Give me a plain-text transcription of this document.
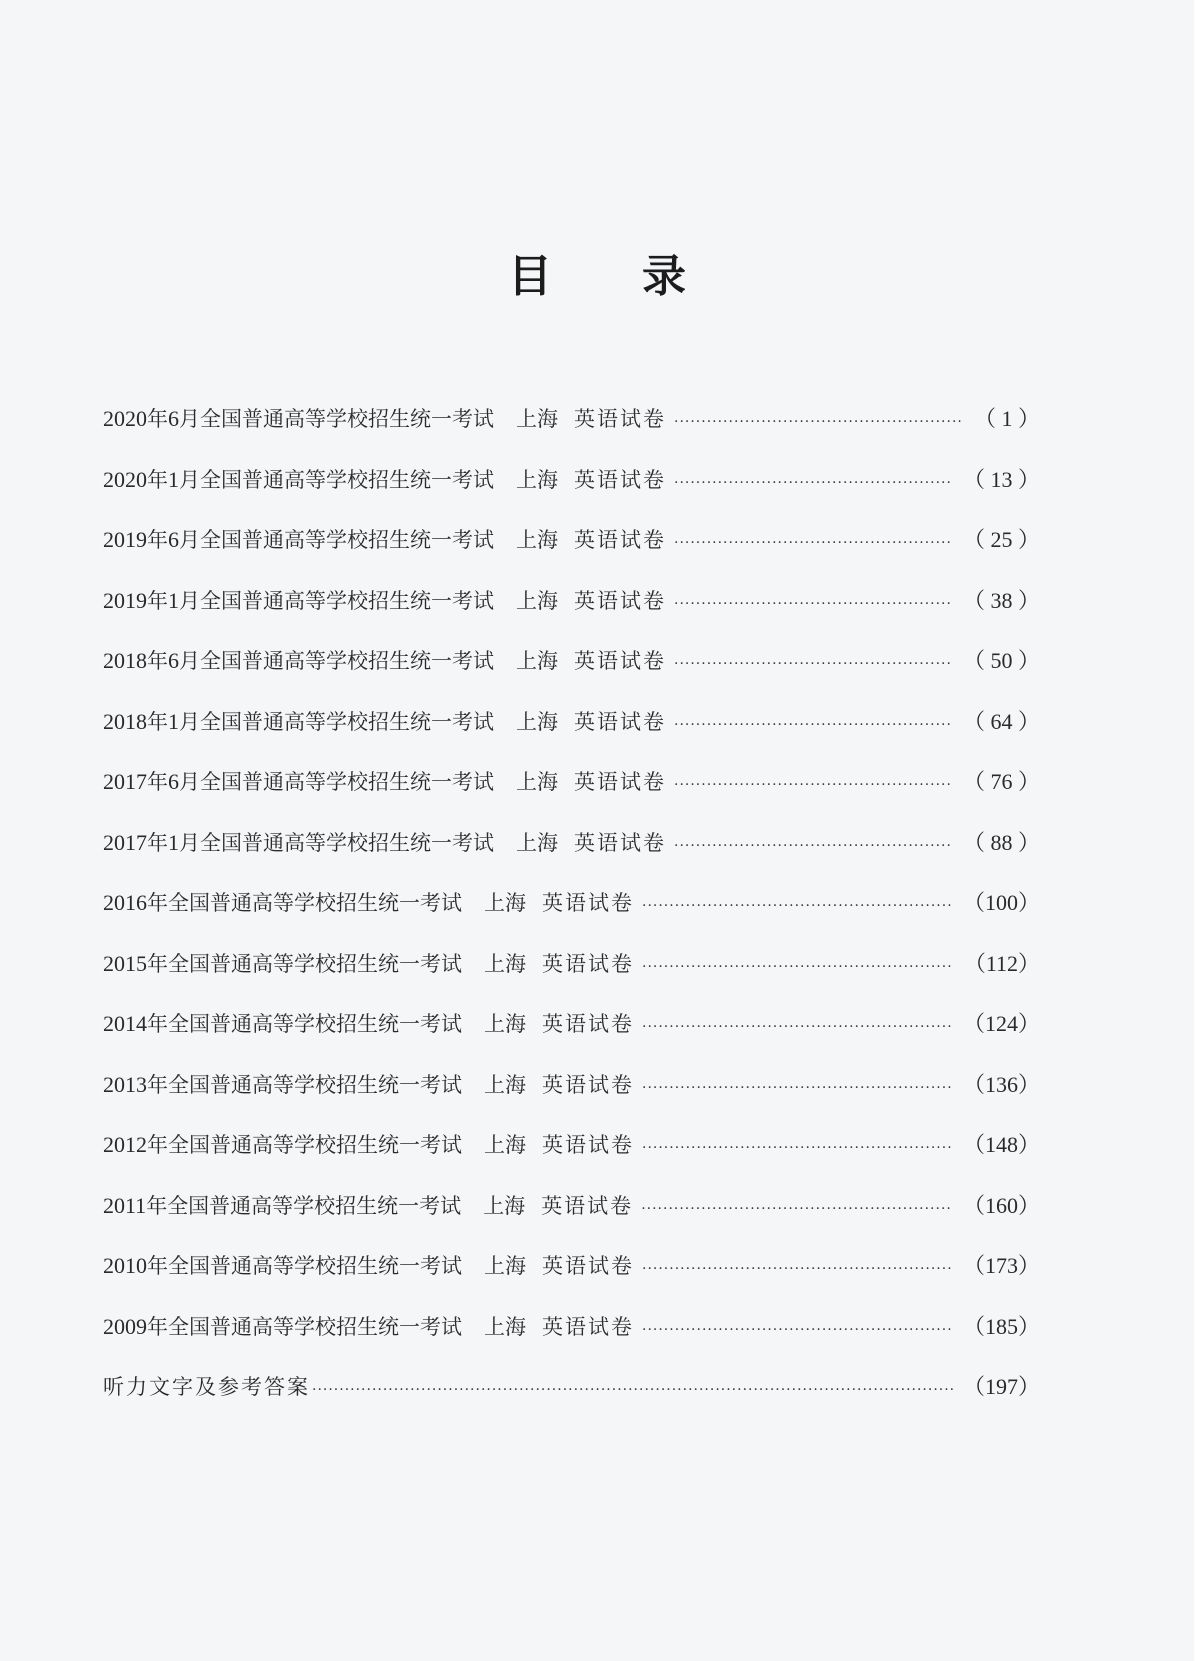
目 录
2020 年 6 月 全国普通高等学校招生统一考试 上海 英语试卷 ·····	（ 1 ）
2020 年 1 月 全国普通高等学校招生统一考试 上海 英语试卷 ·····	（ 13 ）
2019 年 6 月 全国普通高等学校招生统一考试 上海 英语试卷 ·····	（ 25 ）
2019 年 1 月 全国普通高等学校招生统一考试 上海 英语试卷 ·····	（ 38 ）
2018 年 6 月 全国普通高等学校招生统一考试 上海 英语试卷 ·····	（ 50 ）
2018 年 1 月 全国普通高等学校招生统一考试 上海 英语试卷 ·····	（ 64 ）
2017 年 6 月 全国普通高等学校招生统一考试 上海 英语试卷 ·····	（ 76 ）
2017 年 1 月 全国普通高等学校招生统一考试 上海 英语试卷 ·····	（ 88 ）
2016 年 全国普通高等学校招生统一考试 上海 英语试卷 ·····	（100）
2015 年 全国普通高等学校招生统一考试 上海 英语试卷 ·····	（112）
2014 年 全国普通高等学校招生统一考试 上海 英语试卷 ·····	（124）
2013 年 全国普通高等学校招生统一考试 上海 英语试卷 ·····	（136）
2012 年 全国普通高等学校招生统一考试 上海 英语试卷 ·····	（148）
2011 年 全国普通高等学校招生统一考试 上海 英语试卷 ·····	（160）
2010 年 全国普通高等学校招生统一考试 上海 英语试卷 ·····	（173）
2009 年 全国普通高等学校招生统一考试 上海 英语试卷 ·····	（185）
听力文字及参考答案 ·····	（197）
